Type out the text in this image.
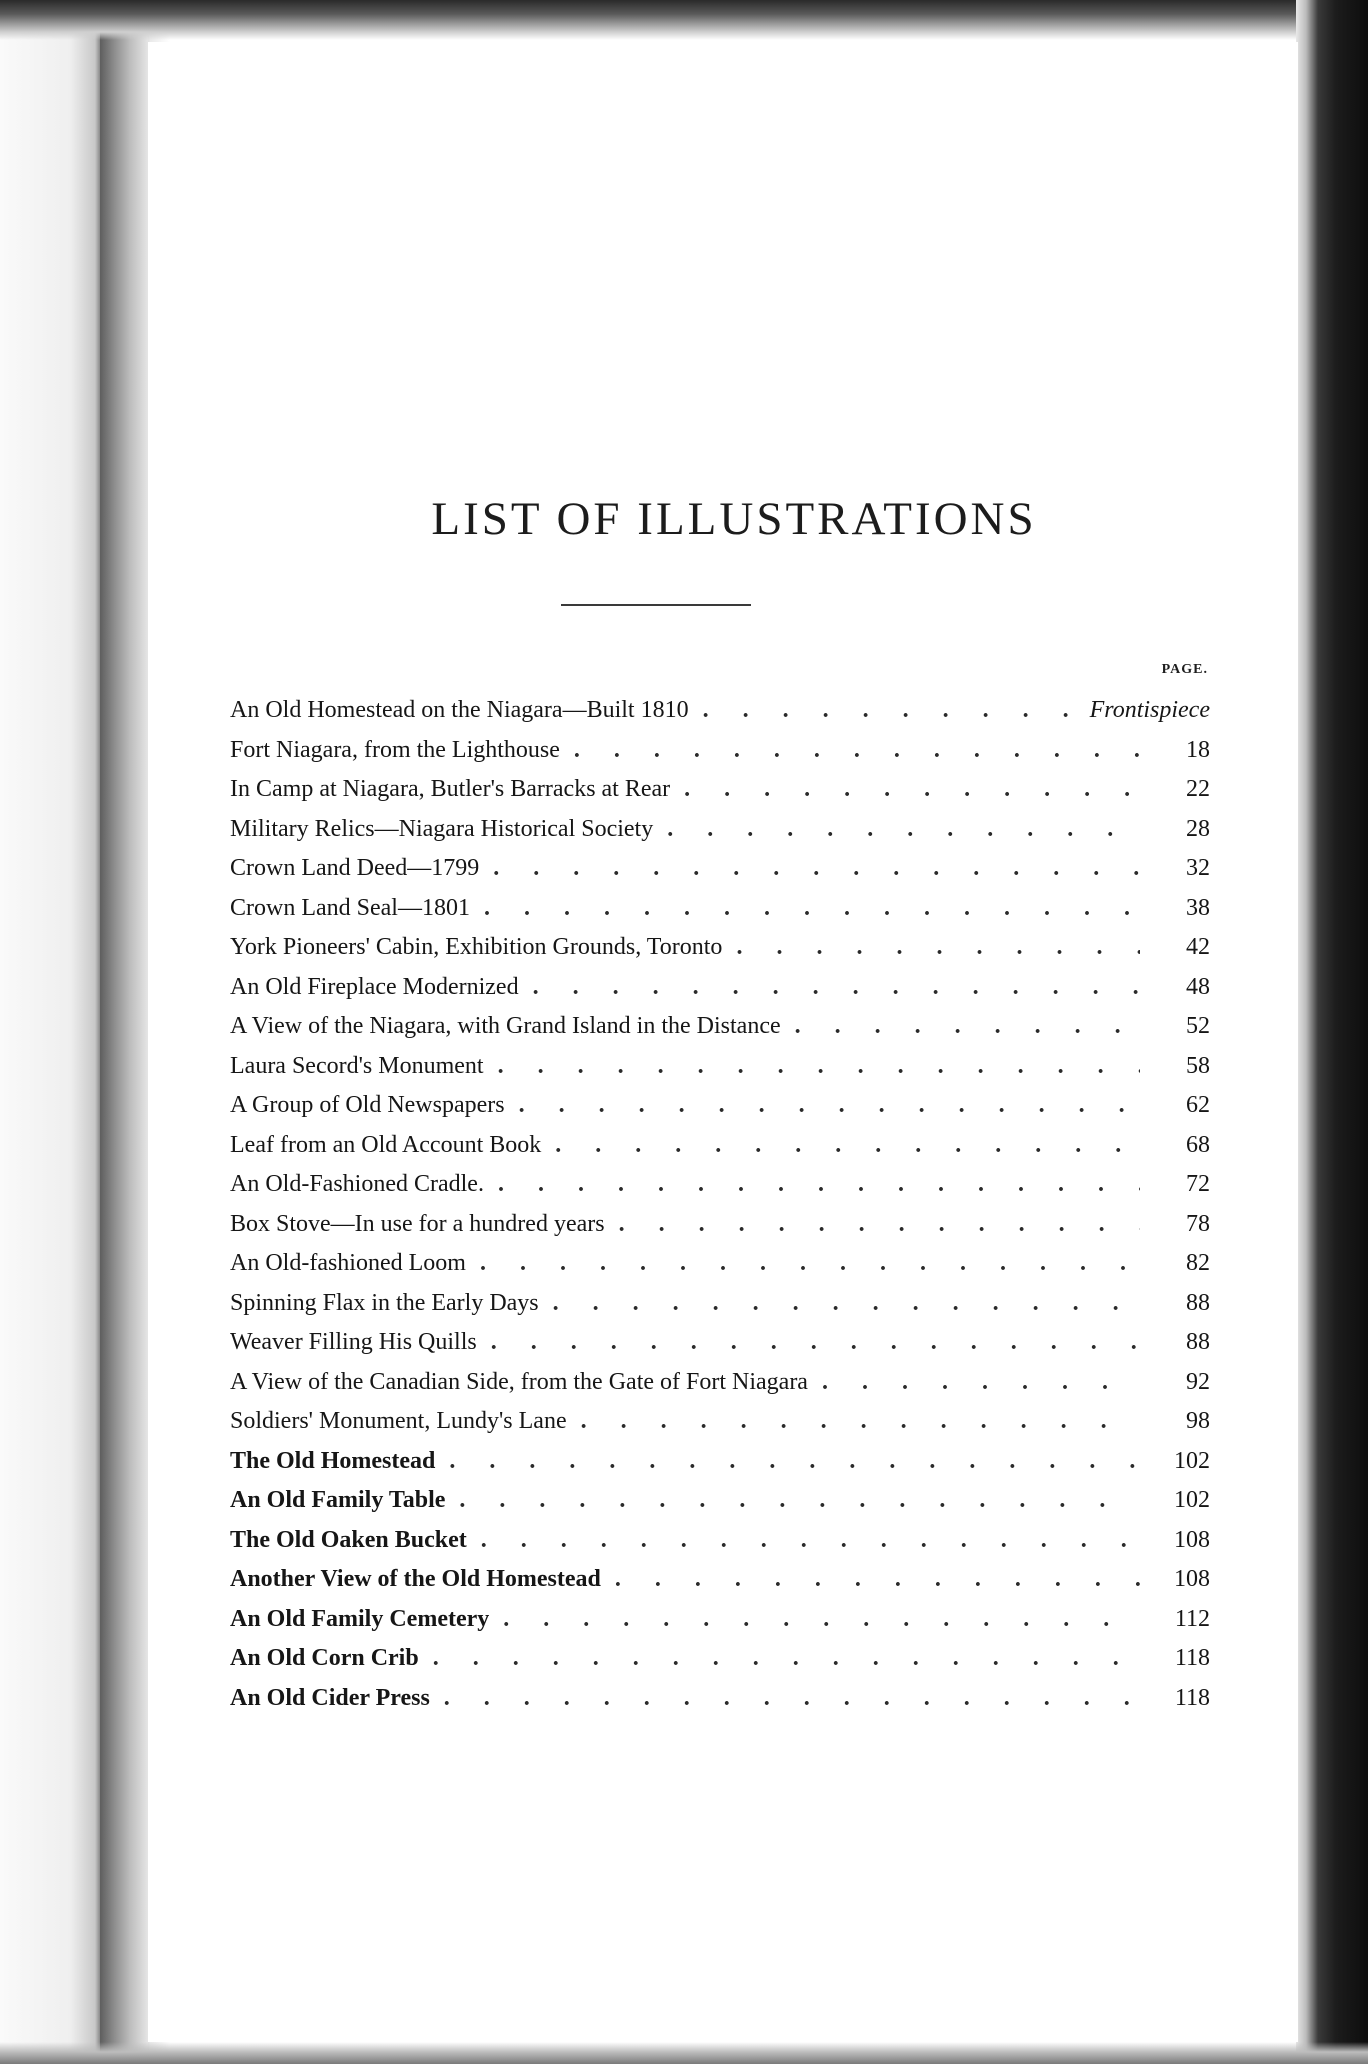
LIST OF ILLUSTRATIONS
PAGE.
An Old Homestead on the Niagara—Built 1810 . . .	Frontispiece
Fort Niagara, from the Lighthouse . . .	18
In Camp at Niagara, Butler's Barracks at Rear . . .	22
Military Relics—Niagara Historical Society . . .	28
Crown Land Deed—1799 . . .	32
Crown Land Seal—1801 . . .	38
York Pioneers' Cabin, Exhibition Grounds, Toronto . . .	42
An Old Fireplace Modernized . . .	48
A View of the Niagara, with Grand Island in the Distance . . .	52
Laura Secord's Monument . . .	58
A Group of Old Newspapers . . .	62
Leaf from an Old Account Book . . .	68
An Old-Fashioned Cradle. . . .	72
Box Stove—In use for a hundred years . . .	78
An Old-fashioned Loom . . .	82
Spinning Flax in the Early Days . . .	88
Weaver Filling His Quills . . .	88
A View of the Canadian Side, from the Gate of Fort Niagara . . .	92
Soldiers' Monument, Lundy's Lane . . .	98
The Old Homestead . . .	102
An Old Family Table . . .	102
The Old Oaken Bucket . . .	108
Another View of the Old Homestead . . .	108
An Old Family Cemetery . . .	112
An Old Corn Crib . . .	118
An Old Cider Press . . .	118
